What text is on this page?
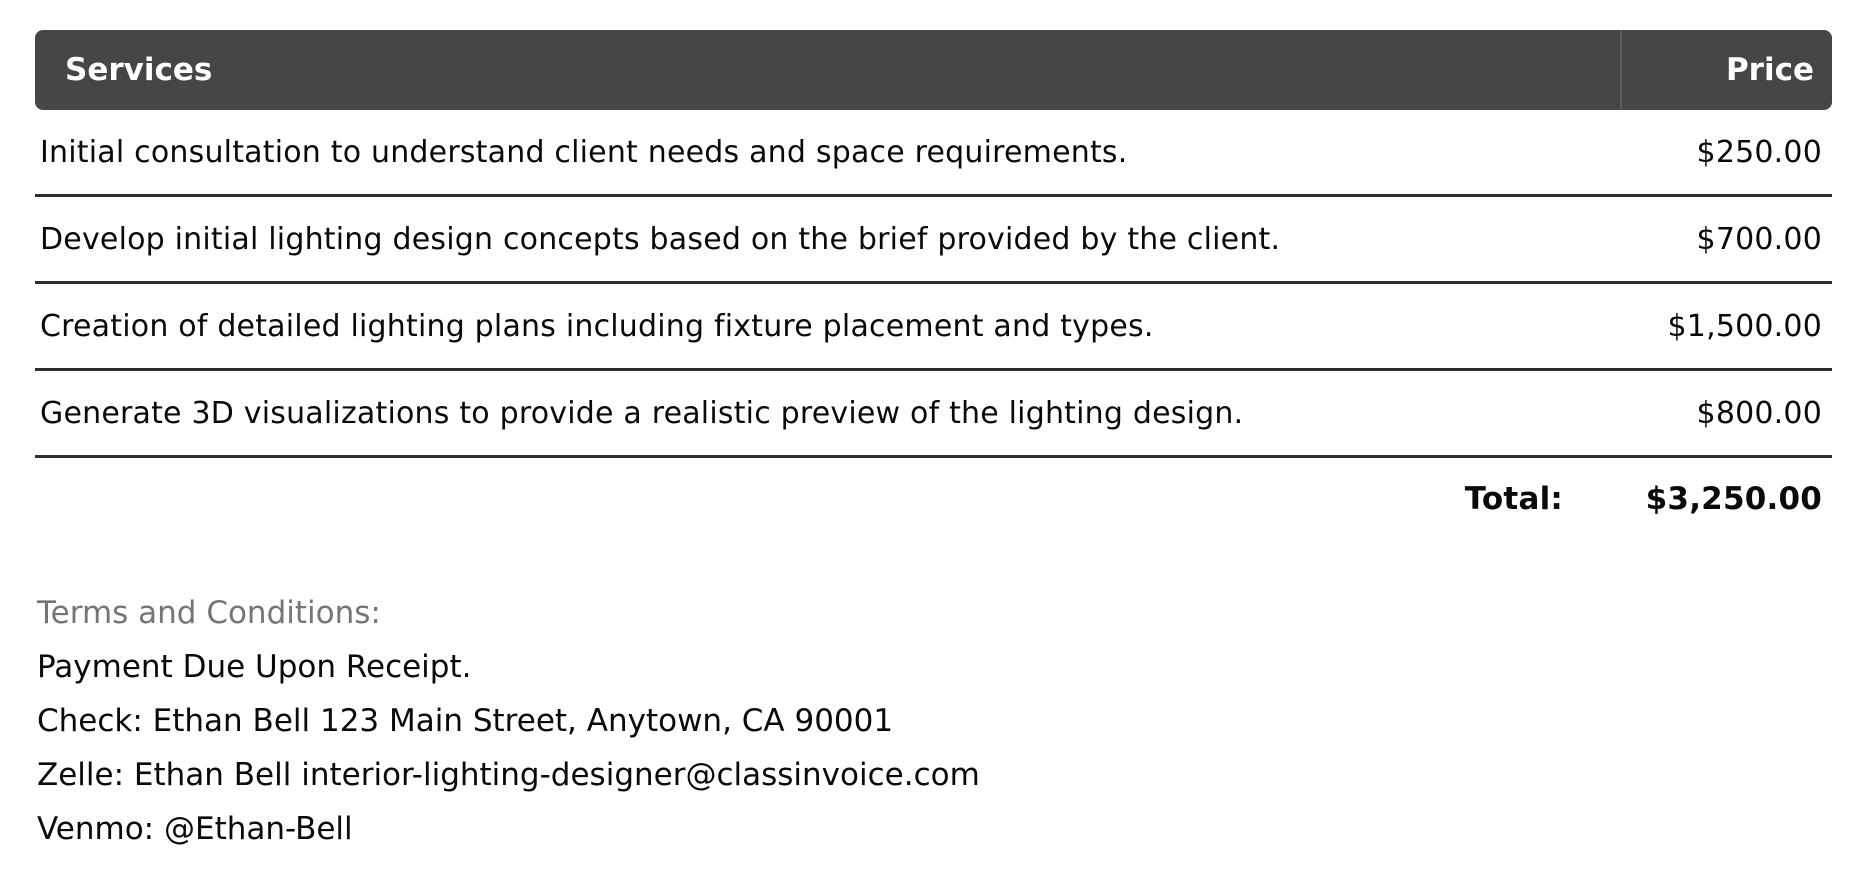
Services	Price
Initial consultation to understand client needs and space requirements.	$250.00
Develop initial lighting design concepts based on the brief provided by the client.	$700.00
Creation of detailed lighting plans including fixture placement and types.	$1,500.00
Generate 3D visualizations to provide a realistic preview of the lighting design.	$800.00
Total:	$3,250.00
Terms and Conditions:
Payment Due Upon Receipt.
Check: Ethan Bell 123 Main Street, Anytown, CA 90001
Zelle: Ethan Bell interior-lighting-designer@classinvoice.com
Venmo: @Ethan-Bell
